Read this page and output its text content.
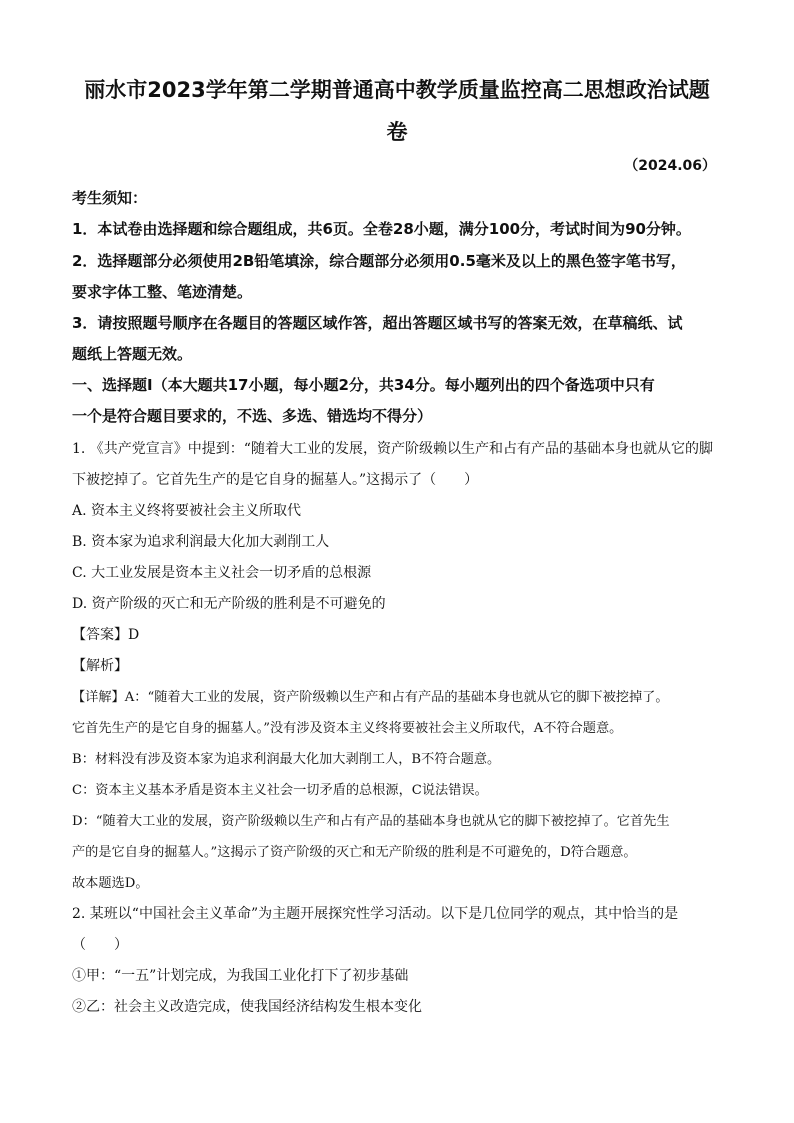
丽水市2023学年第二学期普通高中教学质量监控高二思想政治试题
卷
（2024.06）
考生须知：
1．本试卷由选择题和综合题组成，共6页。全卷28小题，满分100分，考试时间为90分钟。
2．选择题部分必须使用2B铅笔填涂，综合题部分必须用0.5毫米及以上的黑色签字笔书写，
要求字体工整、笔迹清楚。
3．请按照题号顺序在各题目的答题区域作答，超出答题区域书写的答案无效，在草稿纸、试
题纸上答题无效。
一、选择题Ⅰ（本大题共17小题，每小题2分，共34分。每小题列出的四个备选项中只有
一个是符合题目要求的，不选、多选、错选均不得分）
1. 《共产党宣言》中提到：“随着大工业的发展，资产阶级赖以生产和占有产品的基础本身也就从它的脚
下被挖掉了。它首先生产的是它自身的掘墓人。”这揭示了（　　）
A. 资本主义终将要被社会主义所取代
B. 资本家为追求利润最大化加大剥削工人
C. 大工业发展是资本主义社会一切矛盾的总根源
D. 资产阶级的灭亡和无产阶级的胜利是不可避免的
【答案】D
【解析】
【详解】A：“随着大工业的发展，资产阶级赖以生产和占有产品的基础本身也就从它的脚下被挖掉了。
它首先生产的是它自身的掘墓人。”没有涉及资本主义终将要被社会主义所取代，A不符合题意。
B：材料没有涉及资本家为追求利润最大化加大剥削工人，B不符合题意。
C：资本主义基本矛盾是资本主义社会一切矛盾的总根源，C说法错误。
D：“随着大工业的发展，资产阶级赖以生产和占有产品的基础本身也就从它的脚下被挖掉了。它首先生
产的是它自身的掘墓人。”这揭示了资产阶级的灭亡和无产阶级的胜利是不可避免的，D符合题意。
故本题选D。
2. 某班以“中国社会主义革命”为主题开展探究性学习活动。以下是几位同学的观点，其中恰当的是
（　　）
①甲：“一五”计划完成，为我国工业化打下了初步基础
②乙：社会主义改造完成，使我国经济结构发生根本变化
